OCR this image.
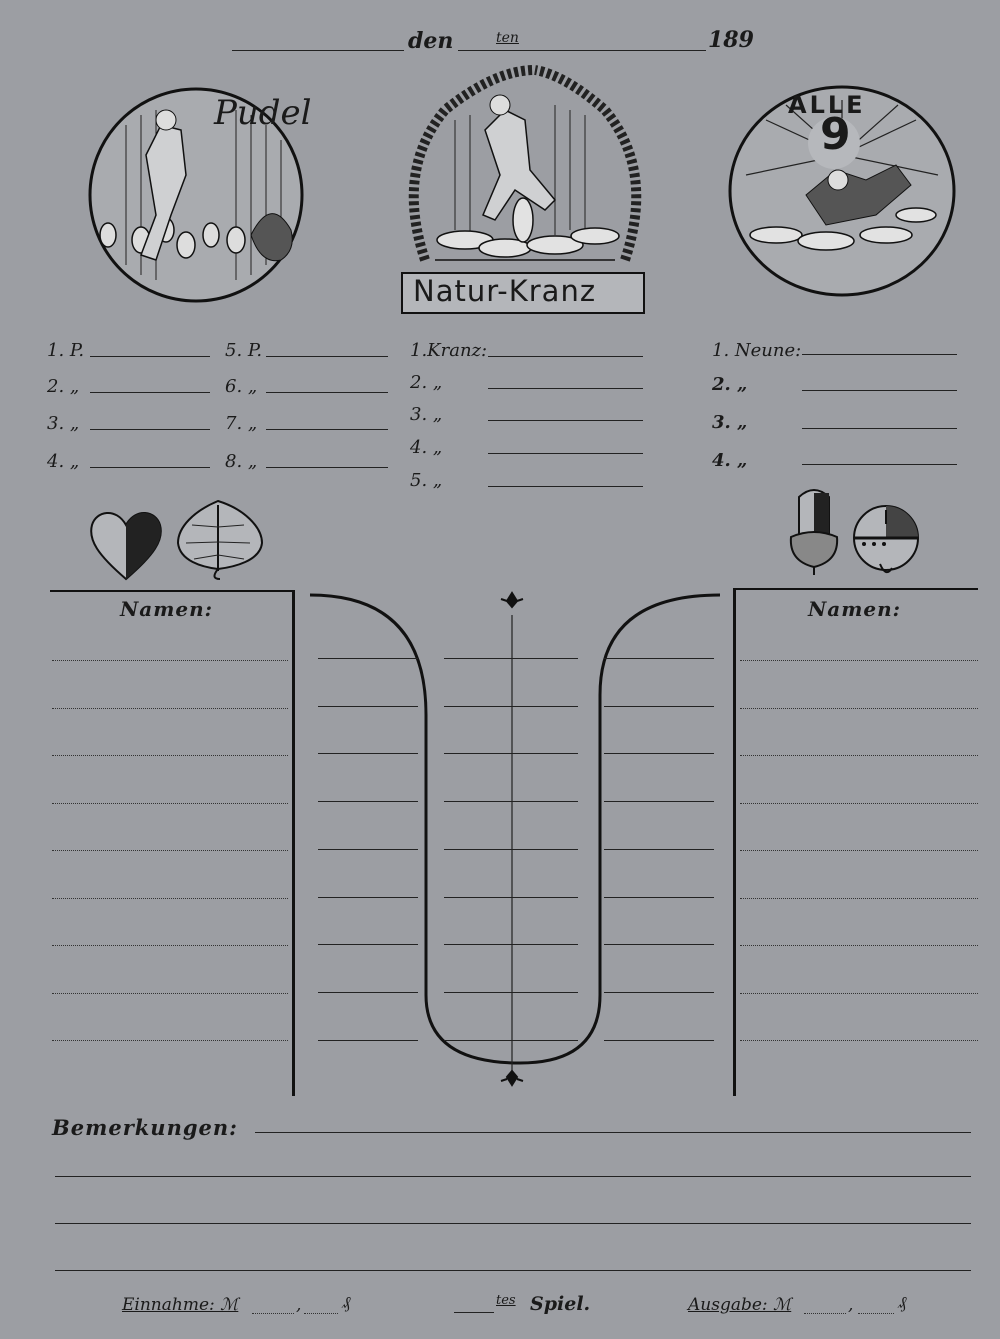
den	ten	189
Pudel
Natur-Kranz
ALLE
9
1. P.
2. „
3. „
4. „
5. P.
6. „
7. „
8. „
1.Kranz:
2. „
3. „
4. „
5. „
1. Neune:
2. „
3. „
4. „
Namen:	Namen:
Bemerkungen:
Einnahme: ℳ	, ₰	tes Spiel.	Ausgabe: ℳ	,	₰
